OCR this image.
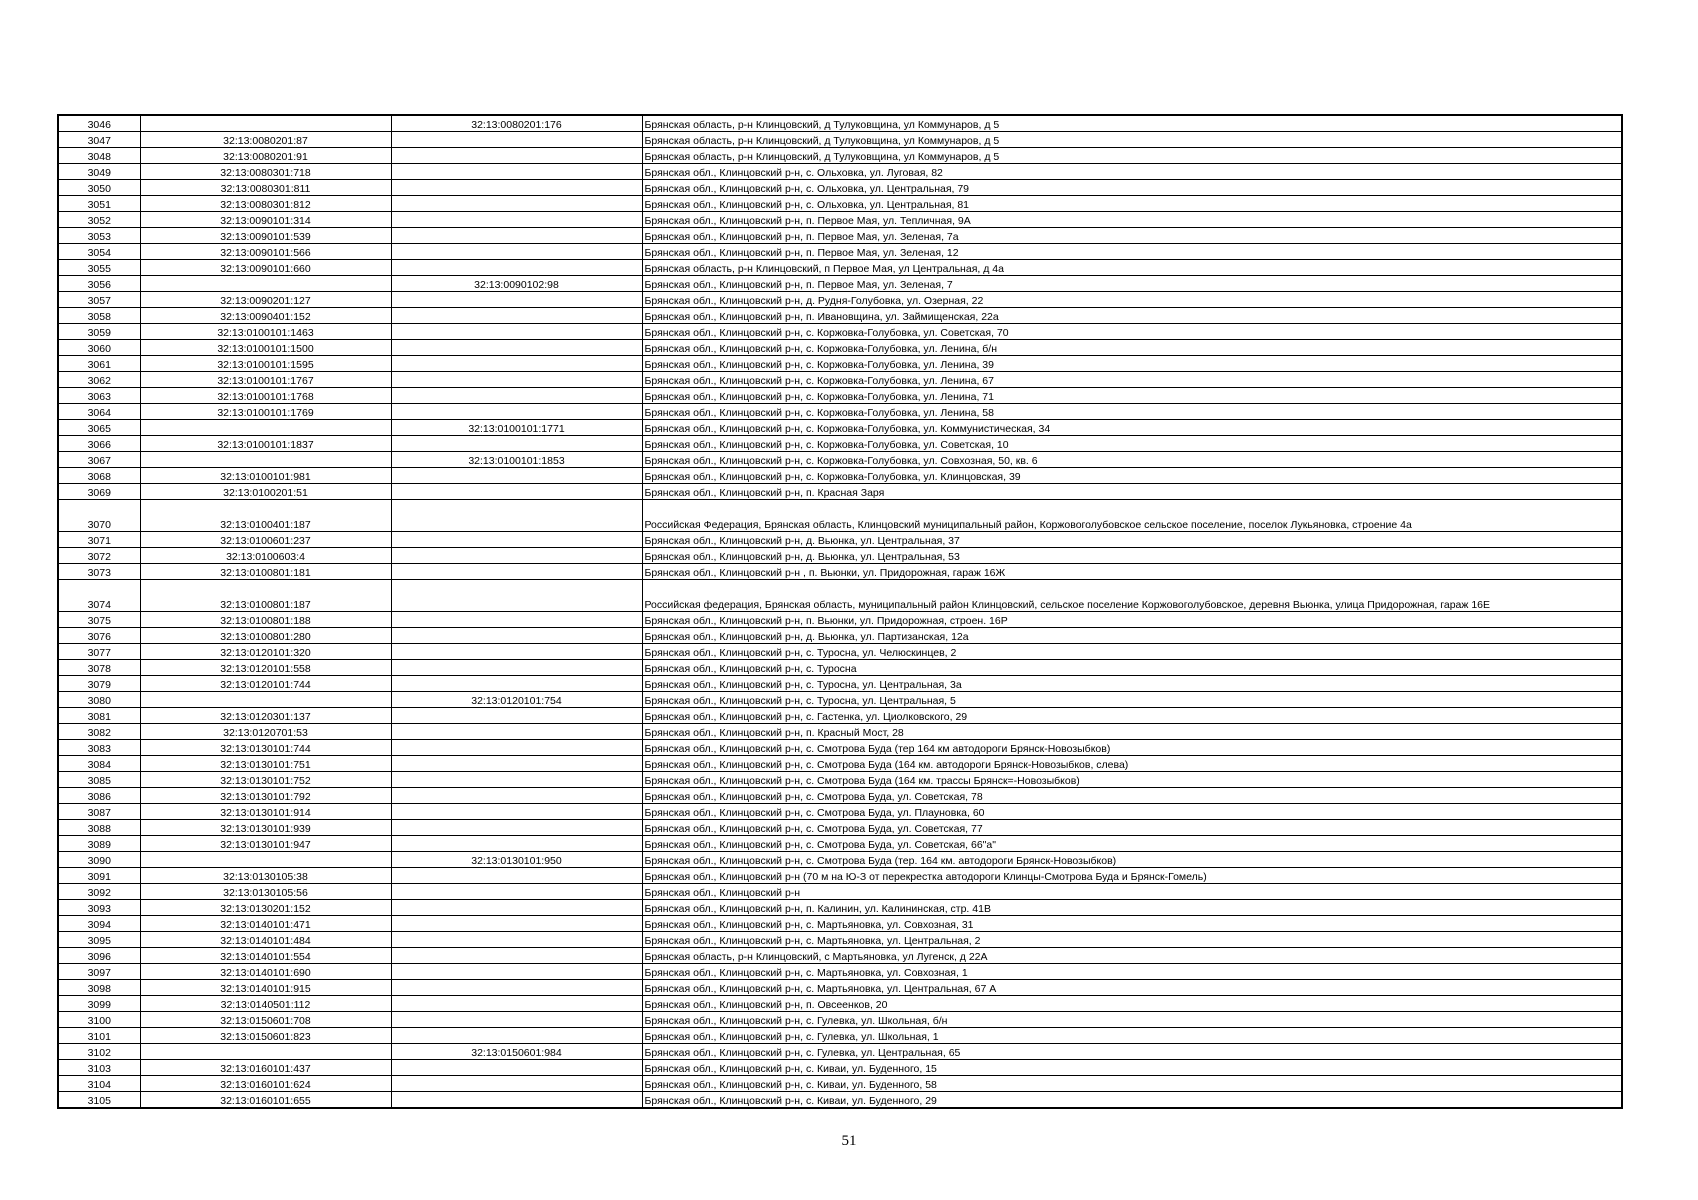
3046		32:13:0080201:176	Брянская область, р-н Клинцовский, д Тулуковщина, ул Коммунаров, д 5
3047	32:13:0080201:87		Брянская область, р-н Клинцовский, д Тулуковщина, ул Коммунаров, д 5
3048	32:13:0080201:91		Брянская область, р-н Клинцовский, д Тулуковщина, ул Коммунаров, д 5
3049	32:13:0080301:718		Брянская обл., Клинцовский р-н, с. Ольховка, ул. Луговая, 82
3050	32:13:0080301:811		Брянская обл., Клинцовский р-н, с. Ольховка, ул. Центральная, 79
3051	32:13:0080301:812		Брянская обл., Клинцовский р-н, с. Ольховка, ул. Центральная, 81
3052	32:13:0090101:314		Брянская обл., Клинцовский р-н, п. Первое Мая, ул. Тепличная, 9А
3053	32:13:0090101:539		Брянская обл., Клинцовский р-н, п. Первое Мая, ул. Зеленая, 7а
3054	32:13:0090101:566		Брянская обл., Клинцовский р-н, п. Первое Мая, ул. Зеленая, 12
3055	32:13:0090101:660		Брянская область, р-н Клинцовский, п Первое Мая, ул Центральная, д 4а
3056		32:13:0090102:98	Брянская обл., Клинцовский р-н, п. Первое Мая, ул. Зеленая, 7
3057	32:13:0090201:127		Брянская обл., Клинцовский р-н, д. Рудня-Голубовка, ул. Озерная, 22
3058	32:13:0090401:152		Брянская обл., Клинцовский р-н, п. Ивановщина, ул. Займищенская, 22а
3059	32:13:0100101:1463		Брянская обл., Клинцовский р-н, с. Коржовка-Голубовка, ул. Советская, 70
3060	32:13:0100101:1500		Брянская обл., Клинцовский р-н, с. Коржовка-Голубовка, ул. Ленина, б/н
3061	32:13:0100101:1595		Брянская обл., Клинцовский р-н, с. Коржовка-Голубовка, ул. Ленина, 39
3062	32:13:0100101:1767		Брянская обл., Клинцовский р-н, с. Коржовка-Голубовка, ул. Ленина, 67
3063	32:13:0100101:1768		Брянская обл., Клинцовский р-н, с. Коржовка-Голубовка, ул. Ленина, 71
3064	32:13:0100101:1769		Брянская обл., Клинцовский р-н, с. Коржовка-Голубовка, ул. Ленина, 58
3065		32:13:0100101:1771	Брянская обл., Клинцовский р-н, с. Коржовка-Голубовка, ул. Коммунистическая, 34
3066	32:13:0100101:1837		Брянская обл., Клинцовский р-н, с. Коржовка-Голубовка, ул. Советская, 10
3067		32:13:0100101:1853	Брянская обл., Клинцовский р-н, с. Коржовка-Голубовка, ул. Совхозная, 50, кв. 6
3068	32:13:0100101:981		Брянская обл., Клинцовский р-н, с. Коржовка-Голубовка, ул. Клинцовская, 39
3069	32:13:0100201:51		Брянская обл., Клинцовский р-н, п. Красная Заря
3070	32:13:0100401:187		Российская Федерация, Брянская область, Клинцовский муниципальный район, Коржовоголубовское сельское поселение, поселок Лукьяновка, строение 4а
3071	32:13:0100601:237		Брянская обл., Клинцовский р-н, д. Вьюнка, ул. Центральная, 37
3072	32:13:0100603:4		Брянская обл., Клинцовский р-н, д. Вьюнка, ул. Центральная, 53
3073	32:13:0100801:181		Брянская обл., Клинцовский р-н , п. Вьюнки, ул. Придорожная, гараж 16Ж
3074	32:13:0100801:187		Российская федерация, Брянская область, муниципальный район Клинцовский, сельское поселение Коржовоголубовское, деревня Вьюнка, улица Придорожная, гараж 16Е
3075	32:13:0100801:188		Брянская обл., Клинцовский р-н, п. Вьюнки, ул. Придорожная, строен. 16Р
3076	32:13:0100801:280		Брянская обл., Клинцовский р-н, д. Вьюнка, ул. Партизанская, 12а
3077	32:13:0120101:320		Брянская обл., Клинцовский р-н, с. Туросна, ул. Челюскинцев, 2
3078	32:13:0120101:558		Брянская обл., Клинцовский р-н, с. Туросна
3079	32:13:0120101:744		Брянская обл., Клинцовский р-н, с. Туросна, ул. Центральная, 3а
3080		32:13:0120101:754	Брянская обл., Клинцовский р-н, с. Туросна, ул. Центральная, 5
3081	32:13:0120301:137		Брянская обл., Клинцовский р-н, с. Гастенка, ул. Циолковского, 29
3082	32:13:0120701:53		Брянская обл., Клинцовский р-н, п. Красный Мост, 28
3083	32:13:0130101:744		Брянская обл., Клинцовский р-н, с. Смотрова Буда (тер 164 км автодороги Брянск-Новозыбков)
3084	32:13:0130101:751		Брянская обл., Клинцовский р-н, с. Смотрова Буда (164 км. автодороги Брянск-Новозыбков, слева)
3085	32:13:0130101:752		Брянская обл., Клинцовский р-н, с. Смотрова Буда (164 км. трассы Брянск=-Новозыбков)
3086	32:13:0130101:792		Брянская обл., Клинцовский р-н, с. Смотрова Буда, ул. Советская, 78
3087	32:13:0130101:914		Брянская обл., Клинцовский р-н, с. Смотрова Буда, ул. Плауновка, 60
3088	32:13:0130101:939		Брянская обл., Клинцовский р-н, с. Смотрова Буда, ул. Советская, 77
3089	32:13:0130101:947		Брянская обл., Клинцовский р-н, с. Смотрова Буда, ул. Советская, 66"а"
3090		32:13:0130101:950	Брянская обл., Клинцовский р-н, с. Смотрова Буда (тер. 164 км. автодороги Брянск-Новозыбков)
3091	32:13:0130105:38		Брянская обл., Клинцовский р-н (70 м на Ю-З от перекрестка автодороги Клинцы-Смотрова Буда и Брянск-Гомель)
3092	32:13:0130105:56		Брянская обл., Клинцовский р-н
3093	32:13:0130201:152		Брянская обл., Клинцовский р-н, п. Калинин, ул. Калининская, стр. 41В
3094	32:13:0140101:471		Брянская обл., Клинцовский р-н, с. Мартьяновка, ул. Совхозная, 31
3095	32:13:0140101:484		Брянская обл., Клинцовский р-н, с. Мартьяновка, ул. Центральная, 2
3096	32:13:0140101:554		Брянская область, р-н Клинцовский, с Мартьяновка, ул Лугенск, д 22А
3097	32:13:0140101:690		Брянская обл., Клинцовский р-н, с. Мартьяновка, ул. Совхозная, 1
3098	32:13:0140101:915		Брянская обл., Клинцовский р-н, с. Мартьяновка, ул. Центральная, 67 А
3099	32:13:0140501:112		Брянская обл., Клинцовский р-н, п. Овсеенков, 20
3100	32:13:0150601:708		Брянская обл., Клинцовский р-н, с. Гулевка, ул. Школьная, б/н
3101	32:13:0150601:823		Брянская обл., Клинцовский р-н, с. Гулевка, ул. Школьная, 1
3102		32:13:0150601:984	Брянская обл., Клинцовский р-н, с. Гулевка, ул. Центральная, 65
3103	32:13:0160101:437		Брянская обл., Клинцовский р-н, с. Киваи, ул. Буденного, 15
3104	32:13:0160101:624		Брянская обл., Клинцовский р-н, с. Киваи, ул. Буденного, 58
3105	32:13:0160101:655		Брянская обл., Клинцовский р-н, с. Киваи, ул. Буденного, 29
51
